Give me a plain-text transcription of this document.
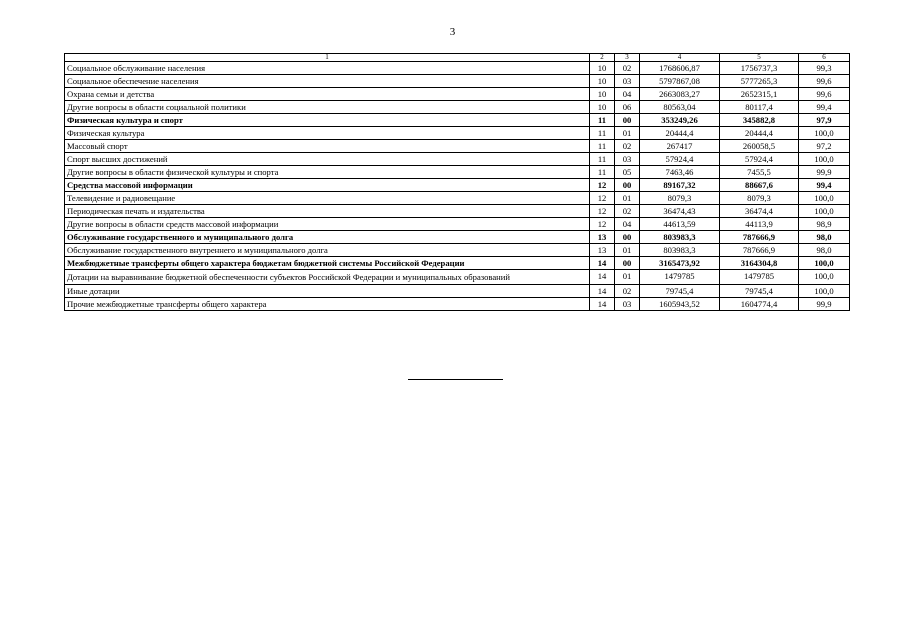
3
1	2	3	4	5	6
Социальное обслуживание населения	10	02	1768606,87	1756737,3	99,3
Социальное обеспечение населения	10	03	5797867,08	5777265,3	99,6
Охрана семьи и детства	10	04	2663083,27	2652315,1	99,6
Другие вопросы в области социальной политики	10	06	80563,04	80117,4	99,4
Физическая культура и спорт	11	00	353249,26	345882,8	97,9
Физическая культура	11	01	20444,4	20444,4	100,0
Массовый спорт	11	02	267417	260058,5	97,2
Спорт высших достижений	11	03	57924,4	57924,4	100,0
Другие вопросы в области физической культуры и спорта	11	05	7463,46	7455,5	99,9
Средства массовой информации	12	00	89167,32	88667,6	99,4
Телевидение и радиовещание	12	01	8079,3	8079,3	100,0
Периодическая печать и издательства	12	02	36474,43	36474,4	100,0
Другие вопросы в области средств массовой информации	12	04	44613,59	44113,9	98,9
Обслуживание государственного и муниципального долга	13	00	803983,3	787666,9	98,0
Обслуживание государственного внутреннего и муниципального долга	13	01	803983,3	787666,9	98,0
Межбюджетные трансферты общего характера бюджетам бюджетной системы Российской Федерации	14	00	3165473,92	3164304,8	100,0
Дотации на выравнивание бюджетной обеспеченности субъектов Российской Федерации и муниципальных образований	14	01	1479785	1479785	100,0
Иные дотации	14	02	79745,4	79745,4	100,0
Прочие межбюджетные трансферты общего характера	14	03	1605943,52	1604774,4	99,9
